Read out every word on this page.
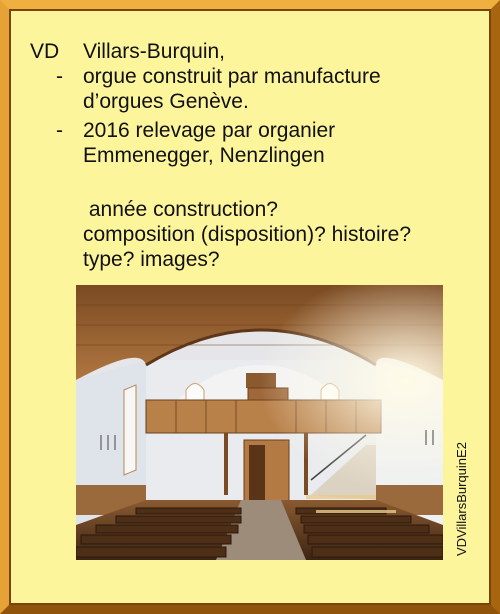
VD Villars-Burquin,
- orgue construit par manufacture
d’orgues Genève.
- 2016 relevage par organier
Emmenegger, Nenzlingen
année construction?
composition (disposition)? histoire?
type? images?
VDVillarsBurquinE2
